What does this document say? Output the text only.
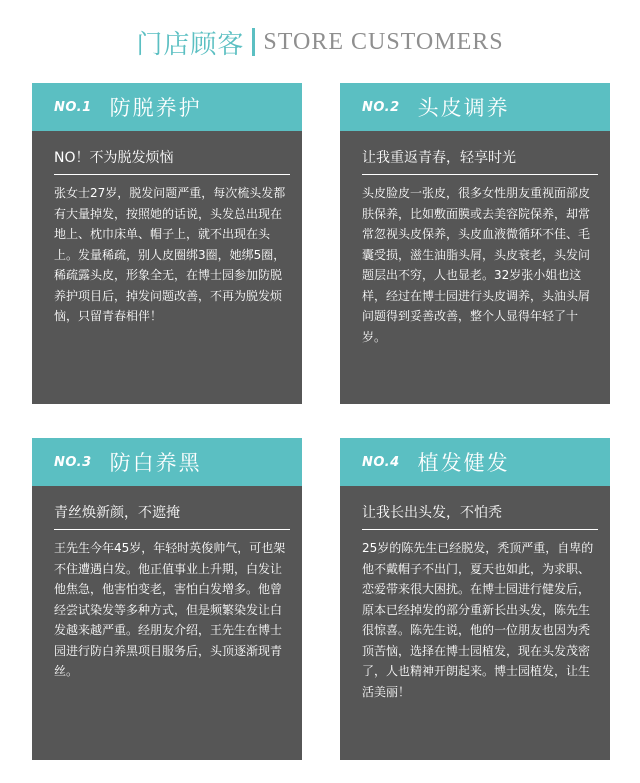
门店顾客 STORE CUSTOMERS
NO.1 防脱养护
NO！不为脱发烦恼
张女士27岁，脱发问题严重，每次梳头发都有大量掉发，按照她的话说，头发总出现在地上、枕巾床单、帽子上，就不出现在头上。发量稀疏，别人皮圈绑3圈，她绑5圈，稀疏露头皮，形象全无，在博士园参加防脱养护项目后，掉发问题改善，不再为脱发烦恼，只留青春相伴！
NO.2 头皮调养
让我重返青春，轻享时光
头皮脸皮一张皮，很多女性朋友重视面部皮肤保养，比如敷面膜或去美容院保养，却常常忽视头皮保养，头皮血液微循环不佳、毛囊受损，滋生油脂头屑，头皮衰老，头发问题层出不穷，人也显老。32岁张小姐也这样，经过在博士园进行头皮调养，头油头屑问题得到妥善改善，整个人显得年轻了十岁。
NO.3 防白养黑
青丝焕新颜，不遮掩
王先生今年45岁，年轻时英俊帅气，可也架不住遭遇白发。他正值事业上升期，白发让他焦急，他害怕变老，害怕白发增多。他曾经尝试染发等多种方式，但是频繁染发让白发越来越严重。经朋友介绍，王先生在博士园进行防白养黑项目服务后，头顶逐渐现青丝。
NO.4 植发健发
让我长出头发，不怕秃
25岁的陈先生已经脱发，秃顶严重，自卑的他不戴帽子不出门，夏天也如此，为求职、恋爱带来很大困扰。在博士园进行健发后，原本已经掉发的部分重新长出头发，陈先生很惊喜。陈先生说，他的一位朋友也因为秃顶苦恼，选择在博士园植发，现在头发茂密了，人也精神开朗起来。博士园植发，让生活美丽！
